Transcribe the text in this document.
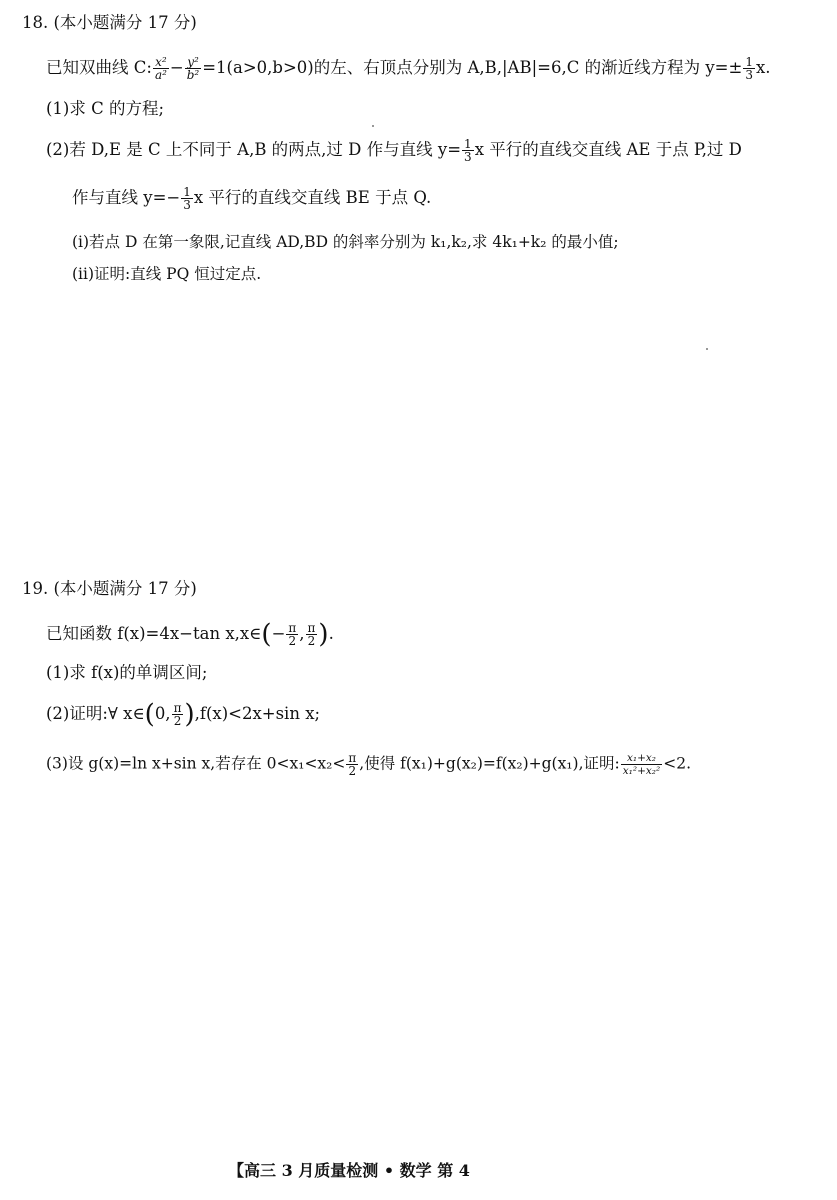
18. (本小题满分 17 分)
已知双曲线 C: $\frac{\text{x²}}{\text{a²}} - \frac{\text{y²}}{\text{b²}} =1(a>0,b>0)$的左、右顶点分别为 A,B,|AB|=6,C 的渐近线方程为 $y=\pm \frac{1}{3} x$.
(1)求 C 的方程;
(2)若 D,E 是 C 上不同于 A,B 的两点,过 D 作与直线 $y= \frac{1}{3}$ x 平行的直线交直线 AE 于点 P,过 D
作与直线 $y=- \frac{1}{3}$ x 平行的直线交直线 BE 于点 Q.
(ⅰ)若点 D 在第一象限,记直线 AD,BD 的斜率分别为 k₁,k₂,求 4k₁+k₂ 的最小值;
(ⅱ)证明:直线 PQ 恒过定点.
19. (本小题满分 17 分)
已知函数 f(x)=4x−tan x,x∈(− $\frac{\pi}{2}$ , $\frac{\pi}{2}$ ).
(1)求 f(x)的单调区间;
(2)证明:∀ x∈(0, $\frac{\pi}{2} ),f(x)<2x+\sin$ x;
(3)设 g(x)=ln x+sin x,若存在 $0<x_1<x_2< \frac{\pi}{2}$ ,使得 f(x₁)+g(x₂)=f(x₂)+g(x₁),证明: $\frac{\text{x₁+x₂}}{\text{x₁²+x₂²}} <2$.
【高三 3 月质量检测 • 数学 第 4
